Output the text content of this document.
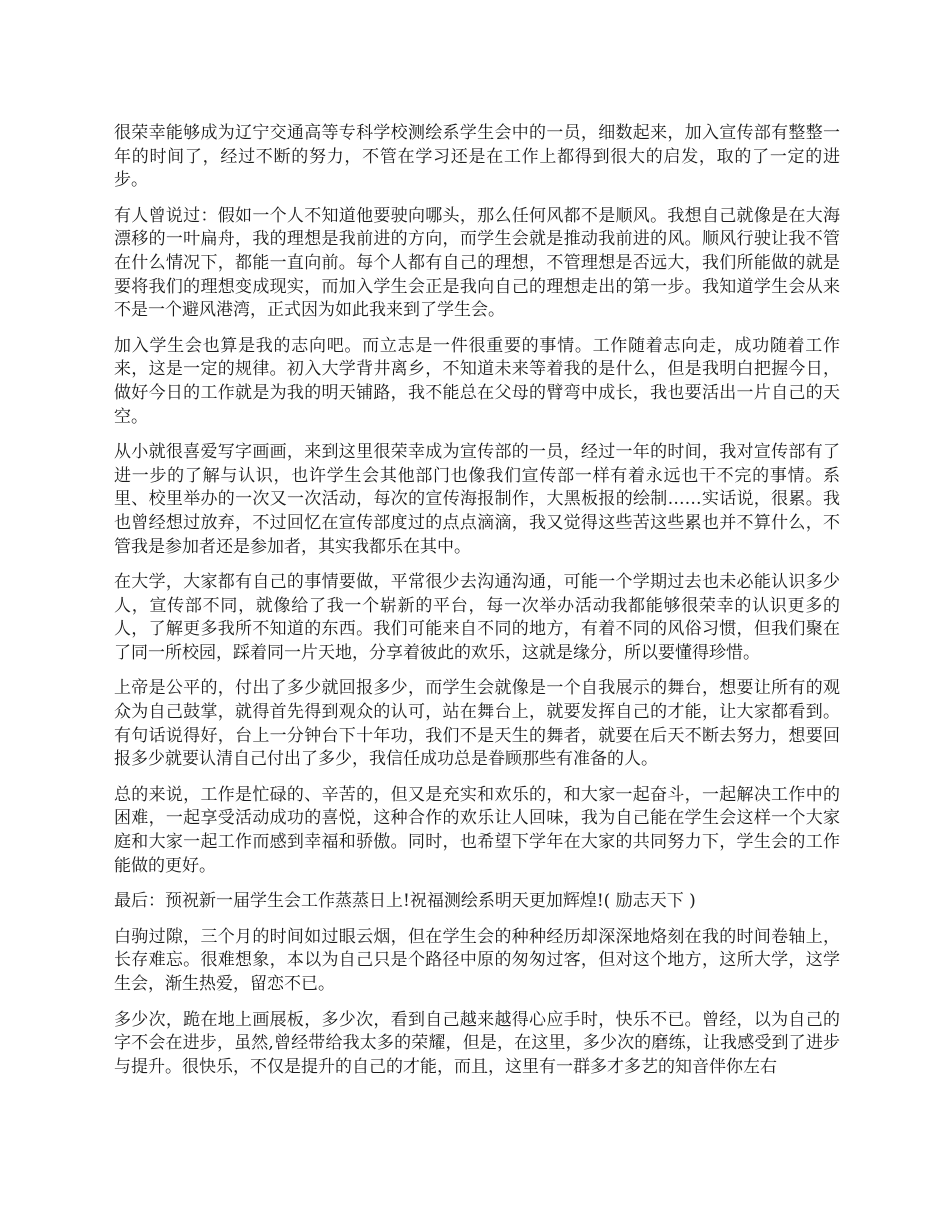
很荣幸能够成为辽宁交通高等专科学校测绘系学生会中的一员，细数起来，加入宣传部有整整一年的时间了，经过不断的努力，不管在学习还是在工作上都得到很大的启发，取的了一定的进步。

有人曾说过：假如一个人不知道他要驶向哪头，那么任何风都不是顺风。我想自己就像是在大海漂移的一叶扁舟，我的理想是我前进的方向，而学生会就是推动我前进的风。顺风行驶让我不管在什么情况下，都能一直向前。每个人都有自己的理想，不管理想是否远大，我们所能做的就是要将我们的理想变成现实，而加入学生会正是我向自己的理想走出的第一步。我知道学生会从来不是一个避风港湾，正式因为如此我来到了学生会。

加入学生会也算是我的志向吧。而立志是一件很重要的事情。工作随着志向走，成功随着工作来，这是一定的规律。初入大学背井离乡，不知道未来等着我的是什么，但是我明白把握今日，做好今日的工作就是为我的明天铺路，我不能总在父母的臂弯中成长，我也要活出一片自己的天空。

从小就很喜爱写字画画，来到这里很荣幸成为宣传部的一员，经过一年的时间，我对宣传部有了进一步的了解与认识，也许学生会其他部门也像我们宣传部一样有着永远也干不完的事情。系里、校里举办的一次又一次活动，每次的宣传海报制作，大黑板报的绘制……实话说，很累。我也曾经想过放弃，不过回忆在宣传部度过的点点滴滴，我又觉得这些苦这些累也并不算什么，不管我是参加者还是参加者，其实我都乐在其中。

在大学，大家都有自己的事情要做，平常很少去沟通沟通，可能一个学期过去也未必能认识多少人，宣传部不同，就像给了我一个崭新的平台，每一次举办活动我都能够很荣幸的认识更多的人，了解更多我所不知道的东西。我们可能来自不同的地方，有着不同的风俗习惯，但我们聚在了同一所校园，踩着同一片天地，分享着彼此的欢乐，这就是缘分，所以要懂得珍惜。

上帝是公平的，付出了多少就回报多少，而学生会就像是一个自我展示的舞台，想要让所有的观众为自己鼓掌，就得首先得到观众的认可，站在舞台上，就要发挥自己的才能，让大家都看到。有句话说得好，台上一分钟台下十年功，我们不是天生的舞者，就要在后天不断去努力，想要回报多少就要认清自己付出了多少，我信任成功总是眷顾那些有准备的人。

总的来说，工作是忙碌的、辛苦的，但又是充实和欢乐的，和大家一起奋斗，一起解决工作中的困难，一起享受活动成功的喜悦，这种合作的欢乐让人回味，我为自己能在学生会这样一个大家庭和大家一起工作而感到幸福和骄傲。同时，也希望下学年在大家的共同努力下，学生会的工作能做的更好。

最后：预祝新一届学生会工作蒸蒸日上!祝福测绘系明天更加辉煌!( 励志天下 )

白驹过隙，三个月的时间如过眼云烟，但在学生会的种种经历却深深地烙刻在我的时间卷轴上，长存难忘。很难想象，本以为自己只是个路径中原的匆匆过客，但对这个地方，这所大学，这学生会，渐生热爱，留恋不已。

多少次，跪在地上画展板，多少次，看到自己越来越得心应手时，快乐不已。曾经，以为自己的字不会在进步，虽然,曾经带给我太多的荣耀，但是，在这里，多少次的磨练，让我感受到了进步与提升。很快乐，不仅是提升的自己的才能，而且，这里有一群多才多艺的知音伴你左右
